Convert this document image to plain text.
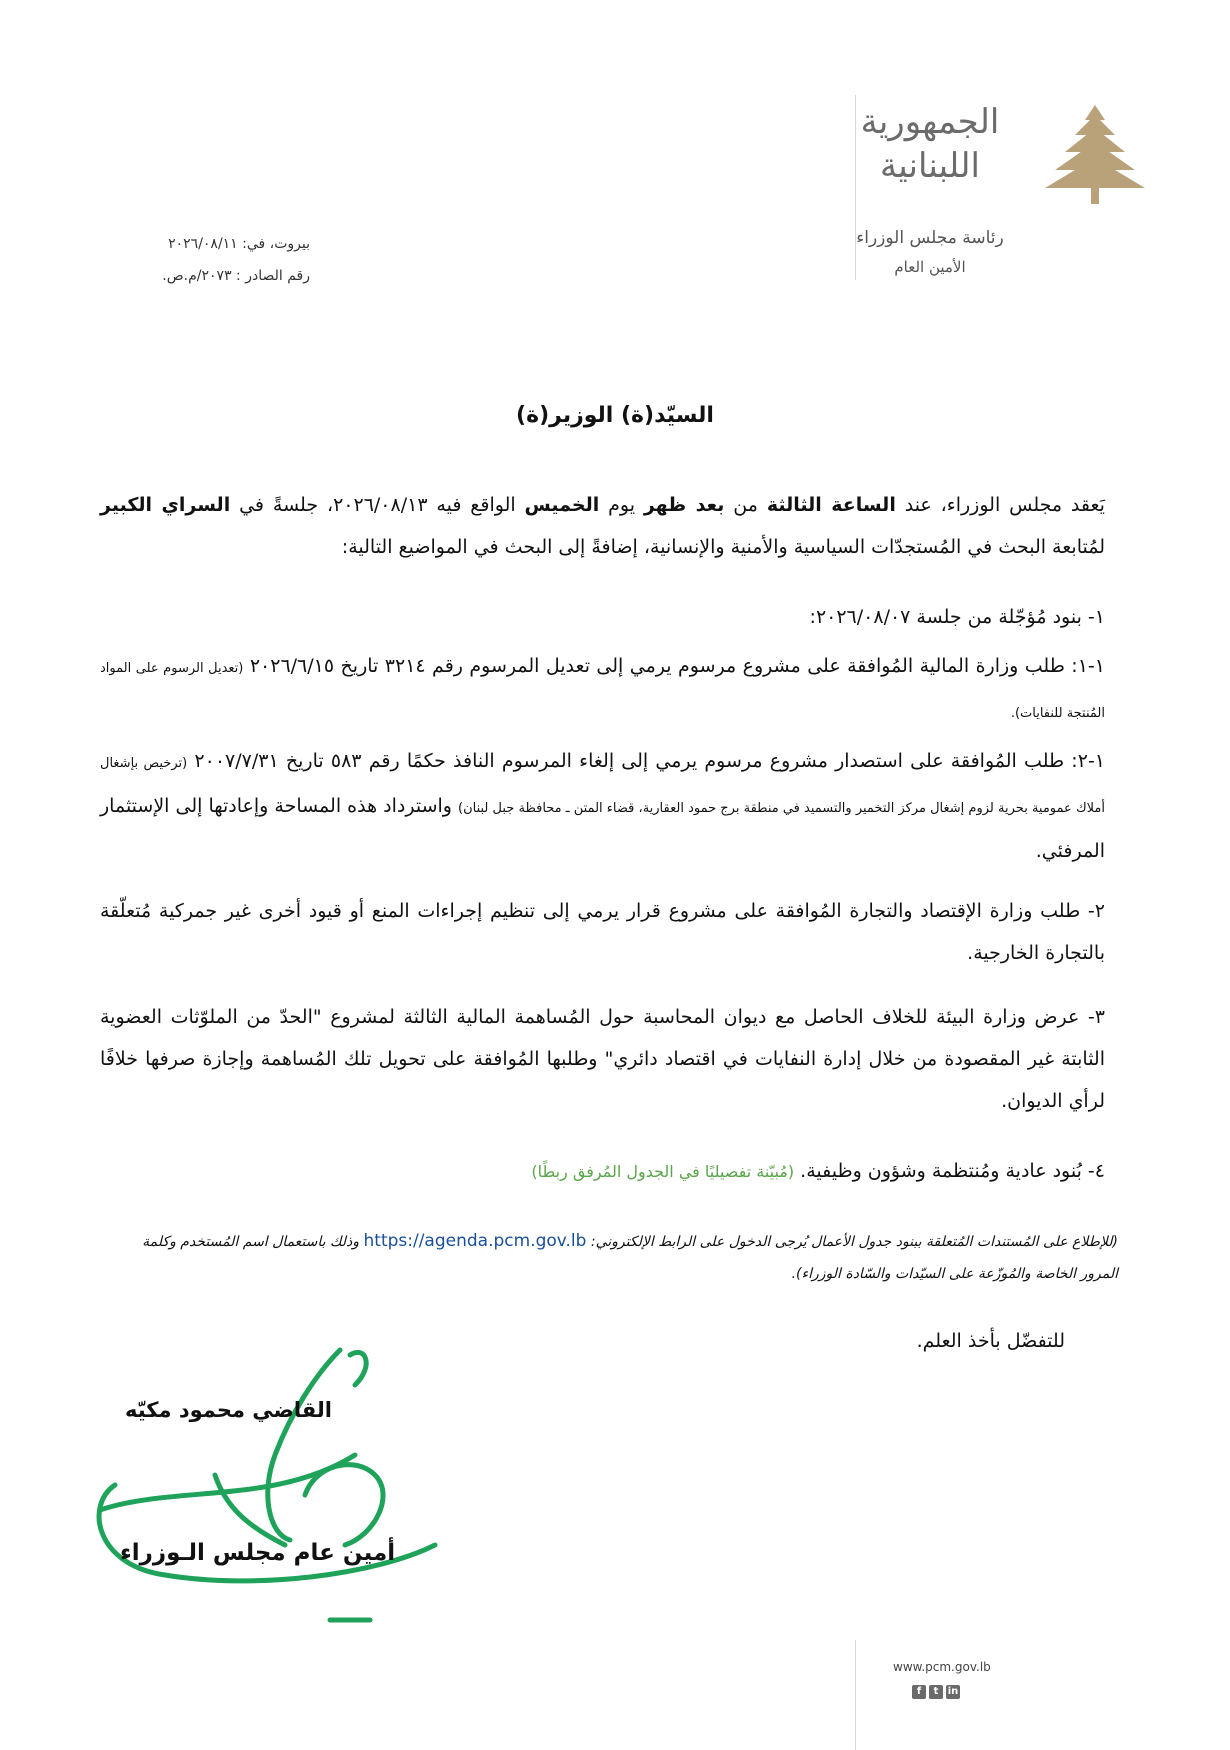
الجمهورية
اللبنانية
رئاسة مجلس الوزراء
الأمين العام
بيروت، في: ٢٠٢٦/٠٨/١١
رقم الصادر : ٢٠٧٣/م.ص.
السيّد(ة) الوزير(ة)
يَعقد مجلس الوزراء، عند الساعة الثالثة من بعد ظهر يوم الخميس الواقع فيه ٢٠٢٦/٠٨/١٣، جلسةً في السراي الكبير لمُتابعة البحث في المُستجدّات السياسية والأمنية والإنسانية، إضافةً إلى البحث في المواضيع التالية:
١- بنود مُؤجّلة من جلسة ٢٠٢٦/٠٨/٠٧:
١-١: طلب وزارة المالية المُوافقة على مشروع مرسوم يرمي إلى تعديل المرسوم رقم ٣٢١٤ تاريخ ٢٠٢٦/٦/١٥ (تعديل الرسوم على المواد المُنتجة للنفايات).
١-٢: طلب المُوافقة على استصدار مشروع مرسوم يرمي إلى إلغاء المرسوم النافذ حكمًا رقم ٥٨٣ تاريخ ٢٠٠٧/٧/٣١ (ترخيص بإشغال أملاك عمومية بحرية لزوم إشغال مركز التخمير والتسميد في منطقة برج حمود العقارية، قضاء المتن ـ محافظة جبل لبنان) واسترداد هذه المساحة وإعادتها إلى الإستثمار المرفئي.
٢- طلب وزارة الإقتصاد والتجارة المُوافقة على مشروع قرار يرمي إلى تنظيم إجراءات المنع أو قيود أخرى غير جمركية مُتعلّقة بالتجارة الخارجية.
٣- عرض وزارة البيئة للخلاف الحاصل مع ديوان المحاسبة حول المُساهمة المالية الثالثة لمشروع "الحدّ من الملوّثات العضوية الثابتة غير المقصودة من خلال إدارة النفايات في اقتصاد دائري" وطلبها المُوافقة على تحويل تلك المُساهمة وإجازة صرفها خلافًا لرأي الديوان.
٤- بُنود عادية ومُنتظمة وشؤون وظيفية. (مُبيّنة تفصيليًا في الجدول المُرفق ربطًا)
(للإطلاع على المُستندات المُتعلقة ببنود جدول الأعمال يُرجى الدخول على الرابط الإلكتروني: https://agenda.pcm.gov.lb وذلك باستعمال اسم المُستخدم وكلمة المرور الخاصة والمُوزّعة على السيّدات والسّادة الوزراء).
للتفضّل بأخذ العلم.
القاضي محمود مكيّه
أمين عام مجلس الـوزراء
www.pcm.gov.lb
f	t in
